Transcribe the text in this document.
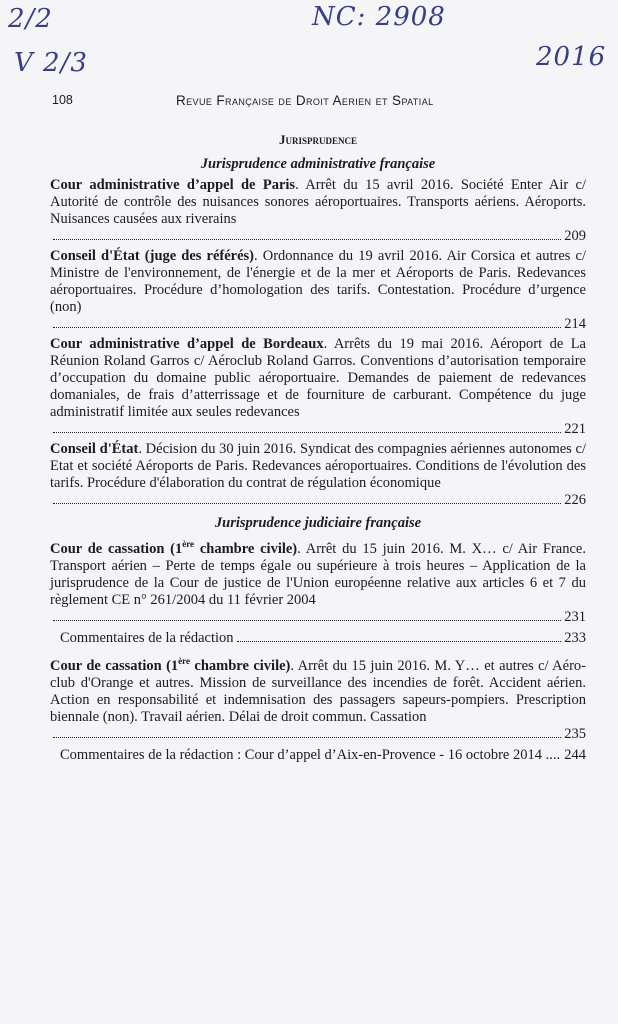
2/2
V 2/3
NC: 2908
2016
108	Revue Française de Droit Aerien et Spatial
Jurisprudence
Jurisprudence administrative française
Cour administrative d’appel de Paris. Arrêt du 15 avril 2016. Société Enter Air c/ Autorité de contrôle des nuisances sonores aéroportuaires. Transports aériens. Aéroports. Nuisances causées aux riverains
209
Conseil d'État (juge des référés). Ordonnance du 19 avril 2016. Air Corsica et autres c/ Ministre de l'environnement, de l'énergie et de la mer et Aéroports de Paris. Redevances aéroportuaires. Procédure d’homologation des tarifs. Contestation. Procédure d’urgence (non)
214
Cour administrative d’appel de Bordeaux. Arrêts du 19 mai 2016. Aéroport de La Réunion Roland Garros c/ Aéroclub Roland Garros. Conventions d’autorisation temporaire d’occupation du domaine public aéroportuaire. Demandes de paiement de redevances domaniales, de frais d’atterrissage et de fourniture de carburant. Compétence du juge administratif limitée aux seules redevances
221
Conseil d'État. Décision du 30 juin 2016. Syndicat des compagnies aériennes autonomes c/ Etat et société Aéroports de Paris. Redevances aéroportuaires. Conditions de l'évolution des tarifs. Procédure d'élaboration du contrat de régulation économique
226
Jurisprudence judiciaire française
Cour de cassation (1ère chambre civile). Arrêt du 15 juin 2016. M. X… c/ Air France. Transport aérien – Perte de temps égale ou supérieure à trois heures – Application de la jurisprudence de la Cour de justice de l'Union européenne relative aux articles 6 et 7 du règlement CE n° 261/2004 du 11 février 2004
231
Commentaires de la rédaction	233
Cour de cassation (1ère chambre civile). Arrêt du 15 juin 2016. M. Y… et autres c/ Aéro-club d'Orange et autres. Mission de surveillance des incendies de forêt. Accident aérien. Action en responsabilité et indemnisation des passagers sapeurs-pompiers. Prescription biennale (non). Travail aérien. Délai de droit commun. Cassation
235
Commentaires de la rédaction : Cour d’appel d’Aix-en-Provence - 16 octobre 2014 .... 244
